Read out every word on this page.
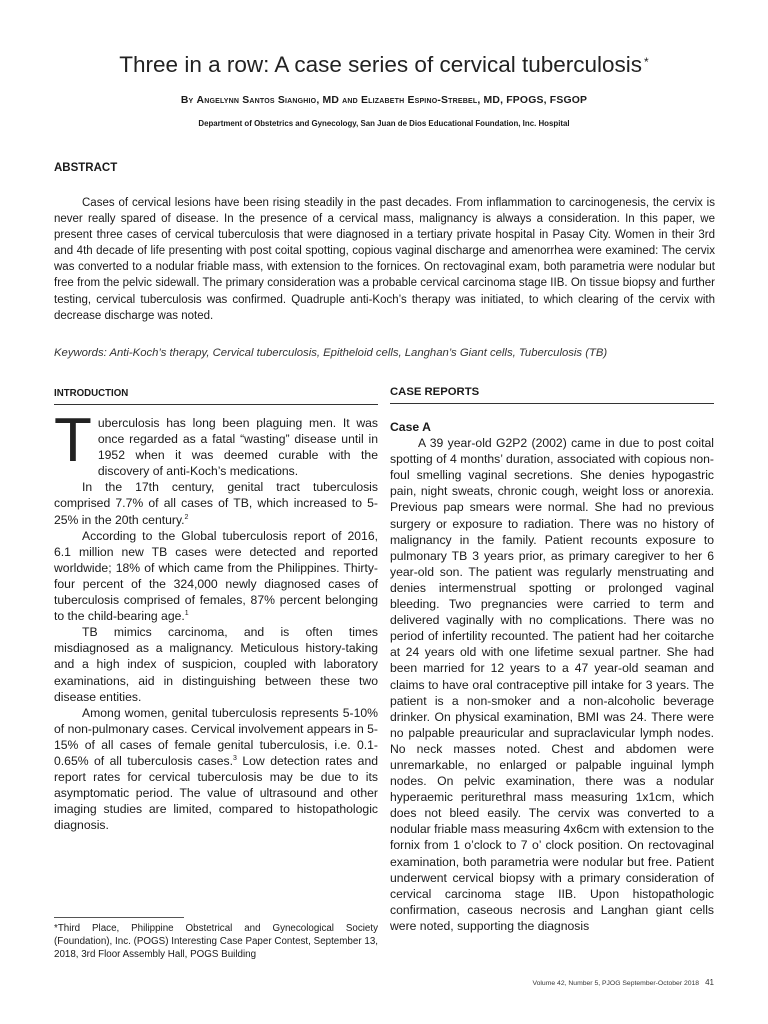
Three in a row: A case series of cervical tuberculosis *
By Angelynn Santos Sianghio, MD and Elizabeth Espino-Strebel, MD, FPOGS, FSGOP
Department of Obstetrics and Gynecology, San Juan de Dios Educational Foundation, Inc. Hospital
ABSTRACT

Cases of cervical lesions have been rising steadily in the past decades. From inflammation to carcinogenesis, the cervix is never really spared of disease. In the presence of a cervical mass, malignancy is always a consideration. In this paper, we present three cases of cervical tuberculosis that were diagnosed in a tertiary private hospital in Pasay City. Women in their 3rd and 4th decade of life presenting with post coital spotting, copious vaginal discharge and amenorrhea were examined: The cervix was converted to a nodular friable mass, with extension to the fornices. On rectovaginal exam, both parametria were nodular but free from the pelvic sidewall. The primary consideration was a probable cervical carcinoma stage IIB. On tissue biopsy and further testing, cervical tuberculosis was confirmed. Quadruple anti-Koch’s therapy was initiated, to which clearing of the cervix with decrease discharge was noted.

Keywords: Anti-Koch’s therapy, Cervical tuberculosis, Epitheloid cells, Langhan’s Giant cells, Tuberculosis (TB)

INTRODUCTION	CASE REPORTS

Tuberculosis has long been plaguing men. It was once regarded as a fatal “wasting” disease until in 1952 when it was deemed curable with the discovery of anti-Koch’s medications.

In the 17th century, genital tract tuberculosis comprised 7.7% of all cases of TB, which increased to 5-25% in the 20th century.$^2$

According to the Global tuberculosis report of 2016, 6.1 million new TB cases were detected and reported worldwide; 18% of which came from the Philippines. Thirty-four percent of the 324,000 newly diagnosed cases of tuberculosis comprised of females, 87% percent belonging to the child-bearing age.$^1$

TB mimics carcinoma, and is often times misdiagnosed as a malignancy. Meticulous history-taking and a high index of suspicion, coupled with laboratory examinations, aid in distinguishing between these two disease entities.

Among women, genital tuberculosis represents 5-10% of non-pulmonary cases. Cervical involvement appears in 5-15% of all cases of female genital tuberculosis, i.e. 0.1-0.65% of all tuberculosis cases.$^3$ Low detection rates and report rates for cervical tuberculosis may be due to its asymptomatic period. The value of ultrasound and other imaging studies are limited, compared to histopathologic diagnosis.

Case A

A 39 year-old G2P2 (2002) came in due to post coital spotting of 4 months’ duration, associated with copious non-foul smelling vaginal secretions. She denies hypogastric pain, night sweats, chronic cough, weight loss or anorexia. Previous pap smears were normal. She had no previous surgery or exposure to radiation. There was no history of malignancy in the family. Patient recounts exposure to pulmonary TB 3 years prior, as primary caregiver to her 6 year-old son. The patient was regularly menstruating and denies intermenstrual spotting or prolonged vaginal bleeding. Two pregnancies were carried to term and delivered vaginally with no complications. There was no period of infertility recounted. The patient had her coitarche at 24 years old with one lifetime sexual partner. She had been married for 12 years to a 47 year-old seaman and claims to have oral contraceptive pill intake for 3 years. The patient is a non-smoker and a non-alcoholic beverage drinker. On physical examination, BMI was 24. There were no palpable preauricular and supraclavicular lymph nodes. No neck masses noted. Chest and abdomen were unremarkable, no enlarged or palpable inguinal lymph nodes. On pelvic examination, there was a nodular hyperaemic periturethral mass measuring 1x1cm, which does not bleed easily. The cervix was converted to a nodular friable mass measuring 4x6cm with extension to the fornix from 1 o’clock to 7 o’ clock position. On rectovaginal examination, both parametria were nodular but free. Patient underwent cervical biopsy with a primary consideration of cervical carcinoma stage IIB. Upon histopathologic confirmation, caseous necrosis and Langhan giant cells were noted, supporting the diagnosis

*Third Place, Philippine Obstetrical and Gynecological Society (Foundation), Inc. (POGS) Interesting Case Paper Contest, September 13, 2018, 3rd Floor Assembly Hall, POGS Building

Volume 42, Number 5, PJOG September-October 2018 41
